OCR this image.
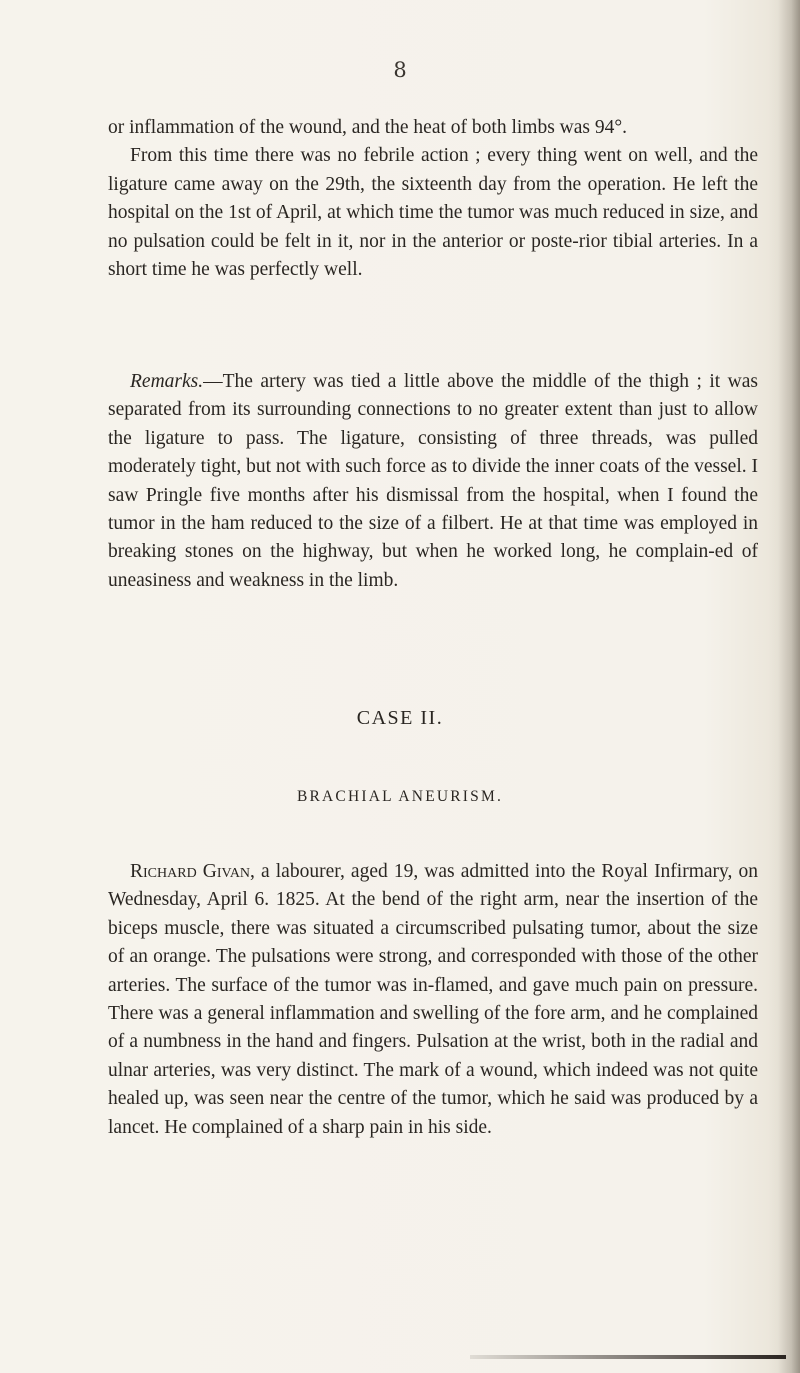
8

or inflammation of the wound, and the heat of both limbs was 94°.

From this time there was no febrile action ; every thing went on well, and the ligature came away on the 29th, the sixteenth day from the operation. He left the hospital on the 1st of April, at which time the tumor was much reduced in size, and no pulsation could be felt in it, nor in the anterior or poste-rior tibial arteries. In a short time he was perfectly well.

Remarks.—The artery was tied a little above the middle of the thigh ; it was separated from its surrounding connections to no greater extent than just to allow the ligature to pass. The ligature, consisting of three threads, was pulled moderately tight, but not with such force as to divide the inner coats of the vessel. I saw Pringle five months after his dismissal from the hospital, when I found the tumor in the ham reduced to the size of a filbert. He at that time was employed in breaking stones on the highway, but when he worked long, he complain-ed of uneasiness and weakness in the limb.

CASE II.
BRACHIAL ANEURISM.

Richard Givan, a labourer, aged 19, was admitted into the Royal Infirmary, on Wednesday, April 6. 1825. At the bend of the right arm, near the insertion of the biceps muscle, there was situated a circumscribed pulsating tumor, about the size of an orange. The pulsations were strong, and corresponded with those of the other arteries. The surface of the tumor was in-flamed, and gave much pain on pressure. There was a general inflammation and swelling of the fore arm, and he complained of a numbness in the hand and fingers. Pulsation at the wrist, both in the radial and ulnar arteries, was very distinct. The mark of a wound, which indeed was not quite healed up, was seen near the centre of the tumor, which he said was produced by a lancet. He complained of a sharp pain in his side.
